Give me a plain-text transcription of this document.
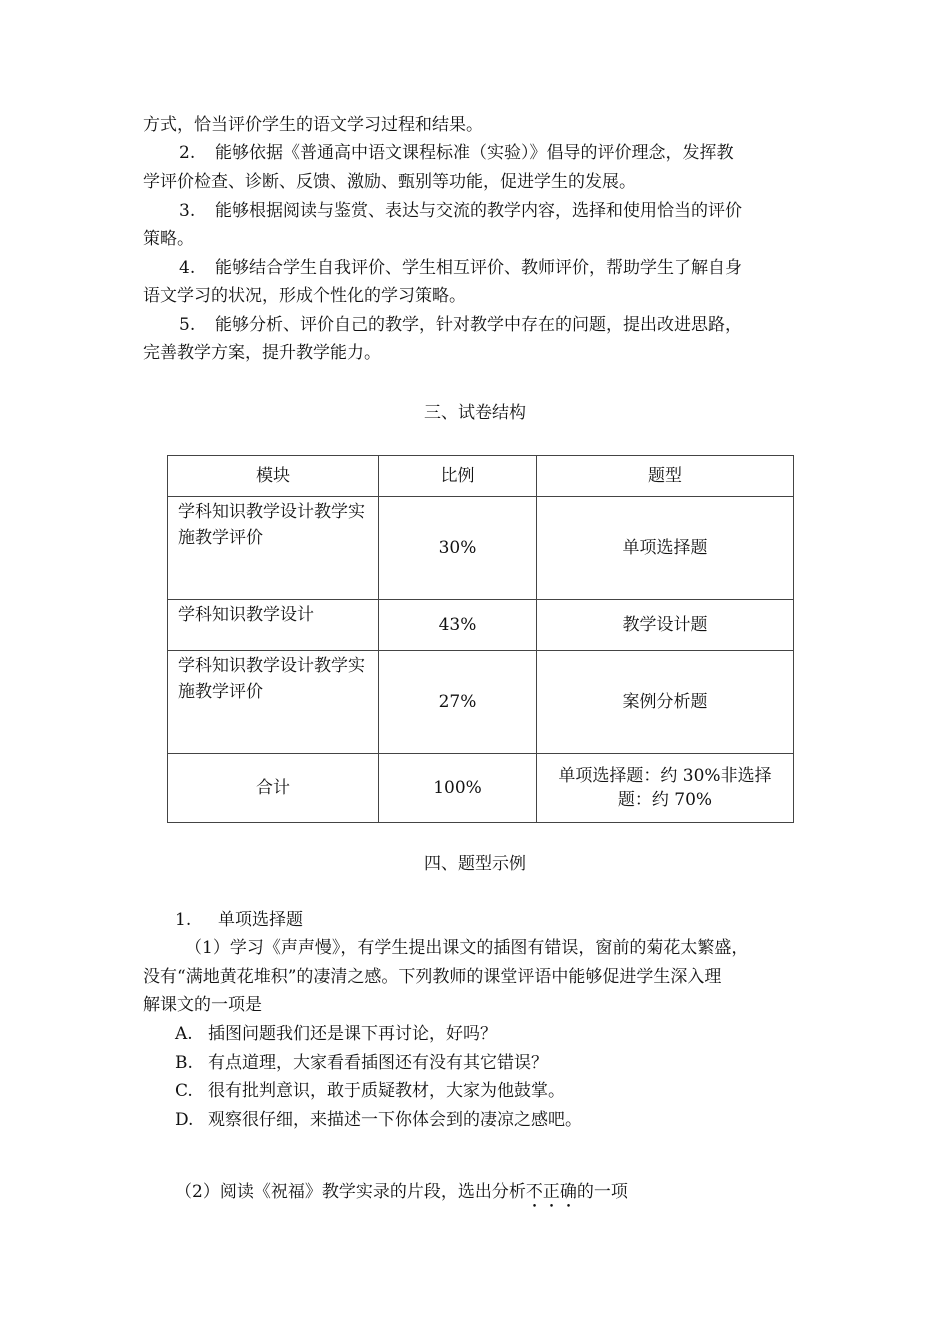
方式，恰当评价学生的语文学习过程和结果。
2. 能够依据《普通高中语文课程标准（实验）》倡导的评价理念，发挥教
学评价检查、诊断、反馈、激励、甄别等功能，促进学生的发展。
3. 能够根据阅读与鉴赏、表达与交流的教学内容，选择和使用恰当的评价
策略。
4. 能够结合学生自我评价、学生相互评价、教师评价，帮助学生了解自身
语文学习的状况，形成个性化的学习策略。
5. 能够分析、评价自己的教学，针对教学中存在的问题，提出改进思路，
完善教学方案，提升教学能力。
三、试卷结构
模块	比例	题型
学科知识教学设计教学实施教学评价	30%	单项选择题
学科知识教学设计	43%	教学设计题
学科知识教学设计教学实施教学评价	27%	案例分析题
合计	100%	单项选择题：约 30%非选择
题：约 70%
四、题型示例
1. 单项选择题
（1）学习《声声慢》，有学生提出课文的插图有错误，窗前的菊花太繁盛，
没有“满地黄花堆积”的凄清之感。下列教师的课堂评语中能够促进学生深入理
解课文的一项是
A. 插图问题我们还是课下再讨论，好吗？
B. 有点道理，大家看看插图还有没有其它错误？
C. 很有批判意识，敢于质疑教材，大家为他鼓掌。
D. 观察很仔细，来描述一下你体会到的凄凉之感吧。
（2）阅读《祝福》教学实录的片段，选出分析不正确的一项
